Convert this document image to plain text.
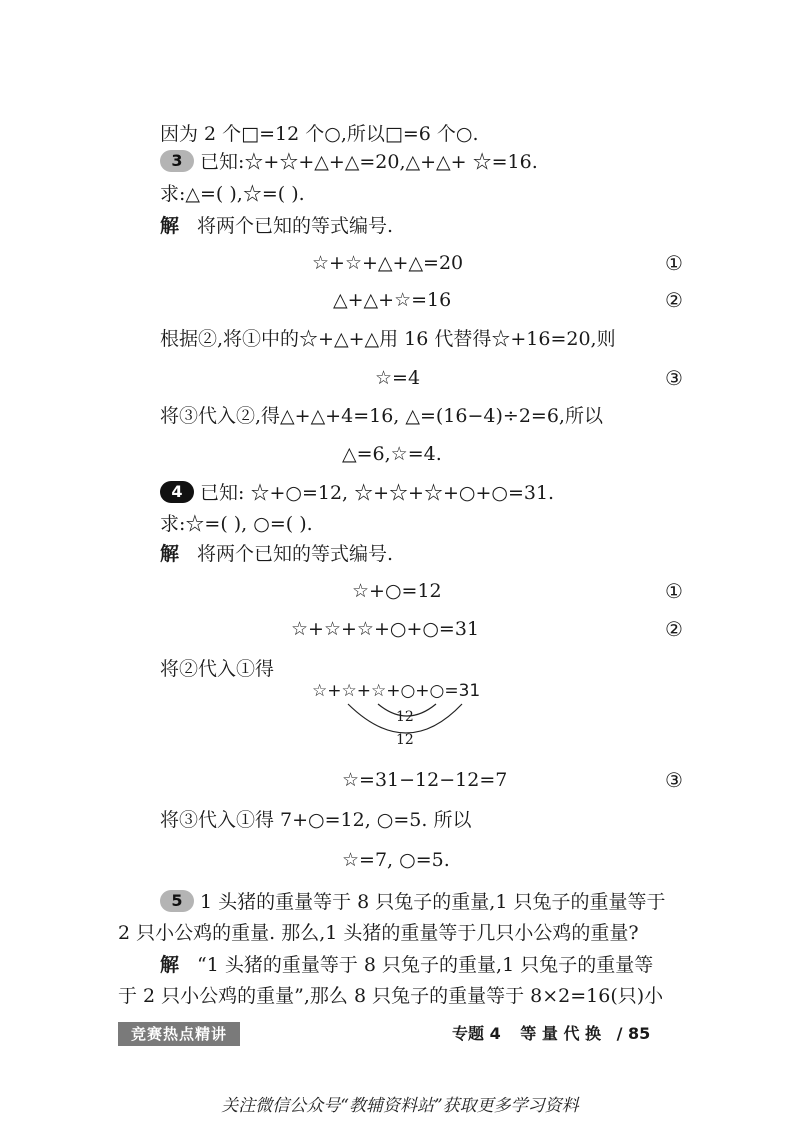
因为 2 个□=12 个○,所以□=6 个○.
3 已知:☆+☆+△+△=20,△+△+ ☆=16.
求:△=( ),☆=( ).
解 将两个已知的等式编号.
☆+☆+△+△=20	①
△+△+☆=16	②
根据②,将①中的☆+△+△用 16 代替得☆+16=20,则
☆=4	③
将③代入②,得△+△+4=16, △=(16−4)÷2=6,所以
△=6,☆=4.
4 已知: ☆+○=12, ☆+☆+☆+○+○=31.
求:☆=( ), ○=( ).
解 将两个已知的等式编号.
☆+○=12	①
☆+☆+☆+○+○=31	②
将②代入①得
☆+☆+☆+○+○=31
12
12
☆=31−12−12=7	③
将③代入①得 7+○=12, ○=5. 所以
☆=7, ○=5.
5 1 头猪的重量等于 8 只兔子的重量,1 只兔子的重量等于
2 只小公鸡的重量. 那么,1 头猪的重量等于几只小公鸡的重量?
解 “1 头猪的重量等于 8 只兔子的重量,1 只兔子的重量等
于 2 只小公鸡的重量”,那么 8 只兔子的重量等于 8×2=16(只)小
竞赛热点精讲	专题 4 等 量 代 换 / 85
关注微信公众号“教辅资料站”获取更多学习资料
